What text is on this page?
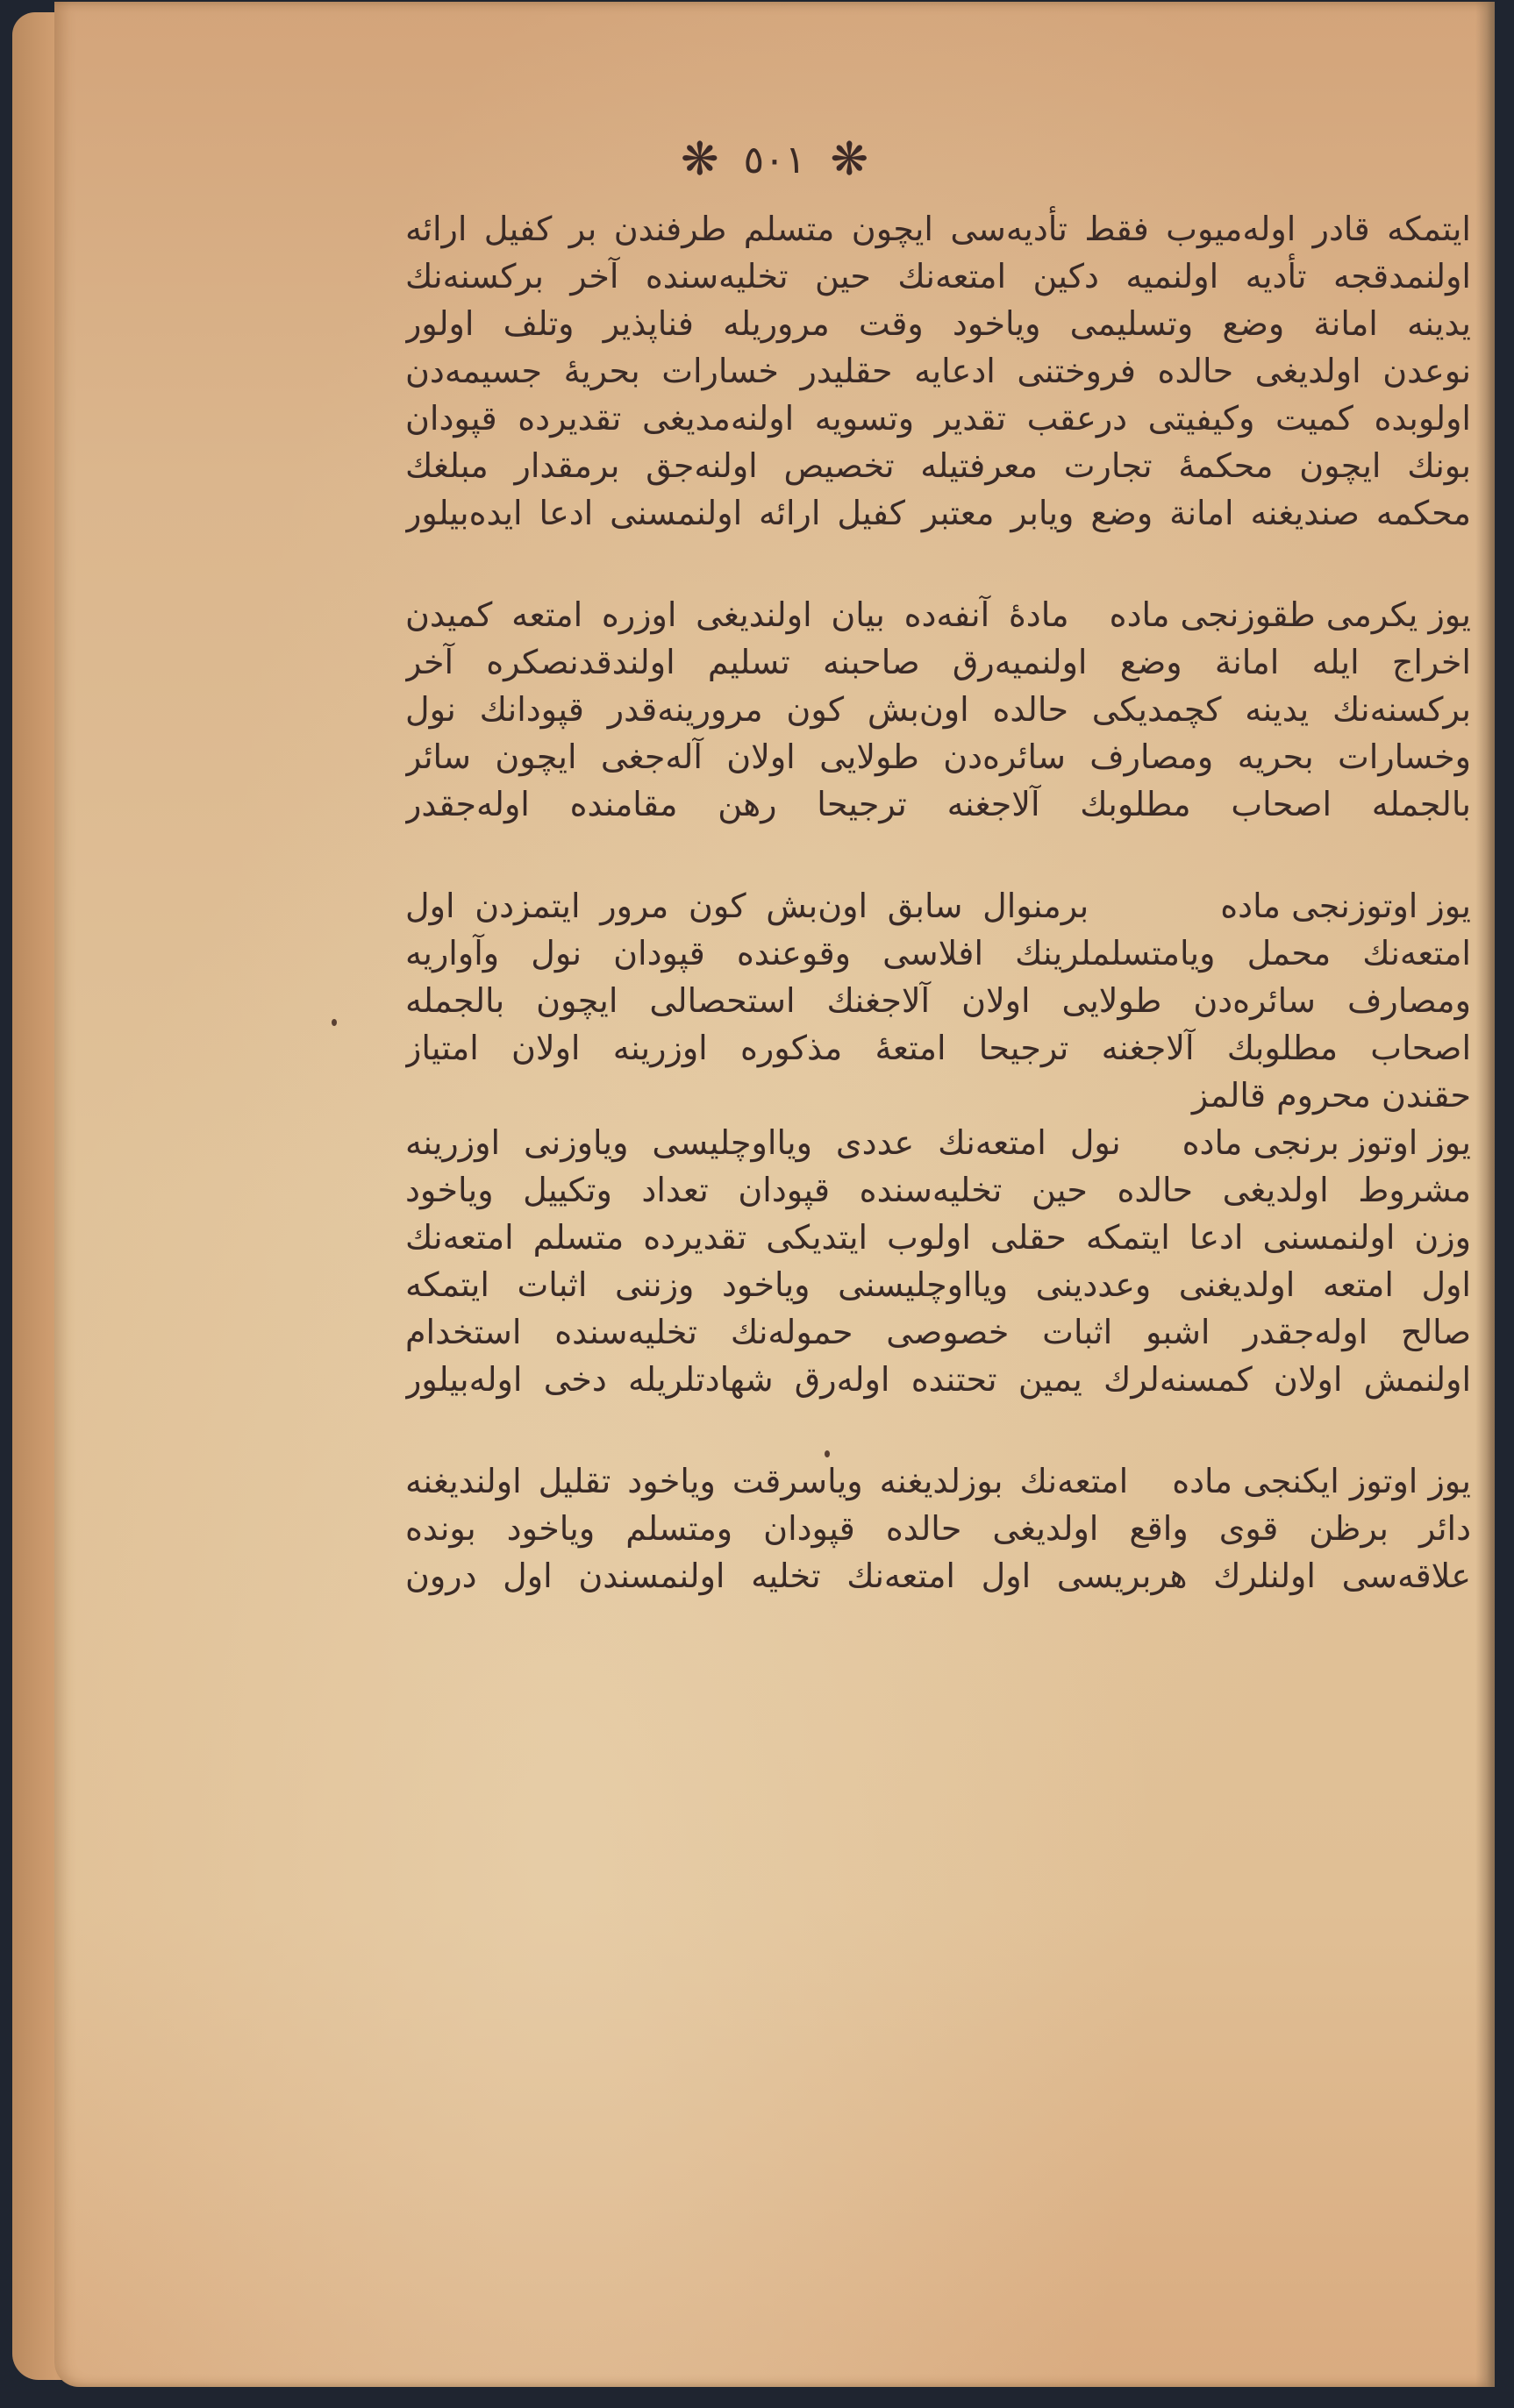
❋ ٥٠١ ❋
ایتمکه قادر اولەمیوب فقط تأدیەسی ایچون متسلم طرفندن بر کفیل ارائه
اولنمدقجه تأدیه اولنمیه دکین امتعه‌نك حین تخلیه‌سنده آخر برکسنه‌نك
یدینه امانة وضع وتسلیمی ویاخود وقت مروریله فناپذیر وتلف اولور
نوعدن اولدیغی حالده فروختنی ادعایه حقلیدر خسارات بحریهٔ جسیمه‌دن
اولوبده کمیت وکیفیتی درعقب تقدیر وتسویه اولنه‌مدیغی تقدیرده قپودان
بونك ایچون محکمهٔ تجارت معرفتیله تخصیص اولنه‌جق برمقدار مبلغك
محکمه صندیغنه امانة وضع ویابر معتبر کفیل ارائه اولنمسنی ادعا ایده‌بیلور
یوز یکرمی طقوزنجی مادهمادهٔ آنفه‌ده بیان اولندیغی اوزره امتعه کمیدن
اخراج ایله امانة وضع اولنمیه‌رق صاحبنه تسلیم اولندقدنصکره آخر
برکسنه‌نك یدینه کچمدیکی حالده اون‌بش کون مرورینه‌قدر قپودانك نول
وخسارات بحریه ومصارف سائره‌دن طولایی اولان آله‌جغی ایچون سائر
بالجمله اصحاب مطلوبك آلاجغنه ترجیحا رهن مقامنده اوله‌جقدر
یوز اوتوزنجی مادهبرمنوال سابق اون‌بش کون مرور ایتمزدن اول
امتعه‌نك محمل ویامتسلملرینك افلاسی وقوعنده قپودان نول وآواریه
ومصارف سائره‌دن طولایی اولان آلاجغنك استحصالی ایچون بالجمله
اصحاب مطلوبك آلاجغنه ترجیحا امتعهٔ مذکوره اوزرینه اولان امتیاز
حقندن محروم قالمز
یوز اوتوز برنجی مادهنول امتعه‌نك عددی ویااوچلیسی ویاوزنی اوزرینه
مشروط اولدیغی حالده حین تخلیه‌سنده قپودان تعداد وتکییل ویاخود
وزن اولنمسنی ادعا ایتمکه حقلی اولوب ایتدیکی تقدیرده متسلم امتعه‌نك
اول امتعه اولدیغنی وعددینی ویااوچلیسنی ویاخود وزننی اثبات ایتمکه
صالح اوله‌جقدر اشبو اثبات خصوصی حموله‌نك تخلیه‌سنده استخدام
اولنمش اولان کمسنه‌لرك یمین تحتنده اوله‌رق شهادتلریله دخی اوله‌بیلور
یوز اوتوز ایکنجی مادهامتعه‌نك بوزلدیغنه ویاسرقت ویاخود تقلیل اولندیغنه
دائر برظن قوی واقع اولدیغی حالده قپودان ومتسلم ویاخود بونده
علاقه‌سی اولنلرك هربریسی اول امتعه‌نك تخلیه اولنمسندن اول درون
